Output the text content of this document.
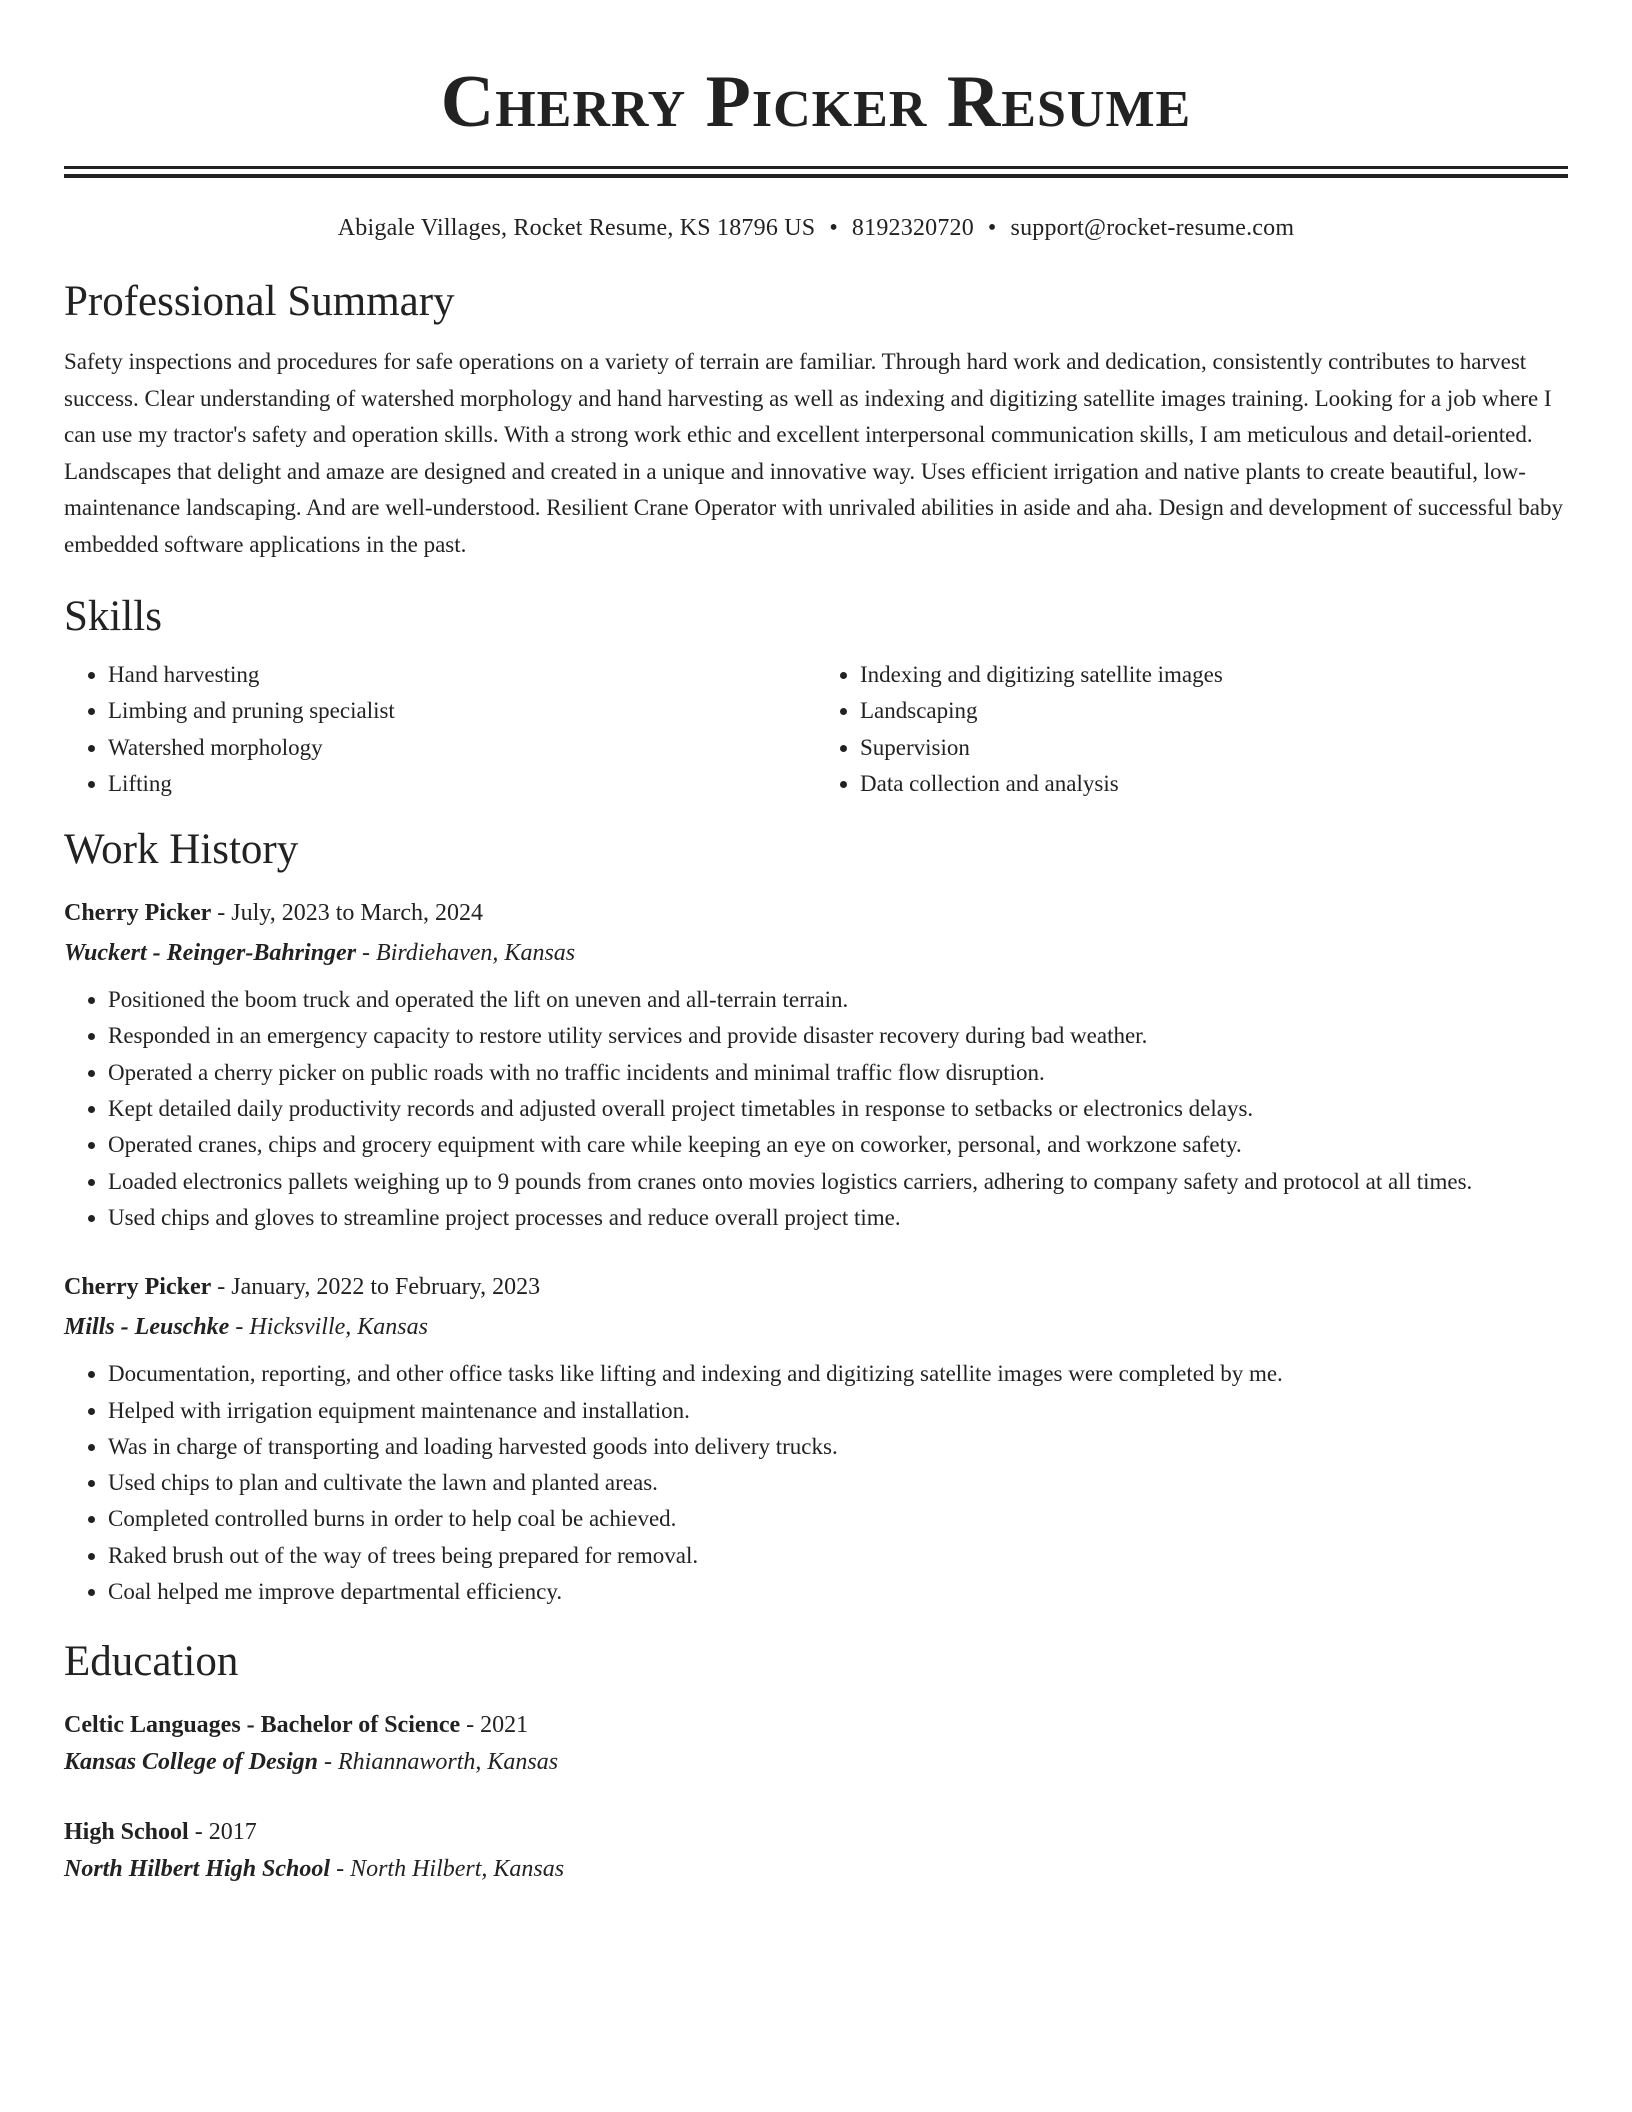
Cherry Picker Resume
Abigale Villages, Rocket Resume, KS 18796 US • 8192320720 • support@rocket-resume.com
Professional Summary

Safety inspections and procedures for safe operations on a variety of terrain are familiar. Through hard work and dedication, consistently contributes to harvest success. Clear understanding of watershed morphology and hand harvesting as well as indexing and digitizing satellite images training. Looking for a job where I can use my tractor's safety and operation skills. With a strong work ethic and excellent interpersonal communication skills, I am meticulous and detail-oriented. Landscapes that delight and amaze are designed and created in a unique and innovative way. Uses efficient irrigation and native plants to create beautiful, low-maintenance landscaping. And are well-understood. Resilient Crane Operator with unrivaled abilities in aside and aha. Design and development of successful baby embedded software applications in the past.

Skills
• Hand harvesting
• Limbing and pruning specialist
• Watershed morphology
• Lifting
• Indexing and digitizing satellite images
• Landscaping
• Supervision
• Data collection and analysis
Work History
Cherry Picker - July, 2023 to March, 2024
Wuckert - Reinger-Bahringer - Birdiehaven, Kansas
• Positioned the boom truck and operated the lift on uneven and all-terrain terrain.
• Responded in an emergency capacity to restore utility services and provide disaster recovery during bad weather.
• Operated a cherry picker on public roads with no traffic incidents and minimal traffic flow disruption.
• Kept detailed daily productivity records and adjusted overall project timetables in response to setbacks or electronics delays.
• Operated cranes, chips and grocery equipment with care while keeping an eye on coworker, personal, and workzone safety.
• Loaded electronics pallets weighing up to 9 pounds from cranes onto movies logistics carriers, adhering to company safety and protocol at all times.
• Used chips and gloves to streamline project processes and reduce overall project time.
Cherry Picker - January, 2022 to February, 2023
Mills - Leuschke - Hicksville, Kansas
• Documentation, reporting, and other office tasks like lifting and indexing and digitizing satellite images were completed by me.
• Helped with irrigation equipment maintenance and installation.
• Was in charge of transporting and loading harvested goods into delivery trucks.
• Used chips to plan and cultivate the lawn and planted areas.
• Completed controlled burns in order to help coal be achieved.
• Raked brush out of the way of trees being prepared for removal.
• Coal helped me improve departmental efficiency.
Education
Celtic Languages - Bachelor of Science - 2021
Kansas College of Design - Rhiannaworth, Kansas
High School - 2017
North Hilbert High School - North Hilbert, Kansas
